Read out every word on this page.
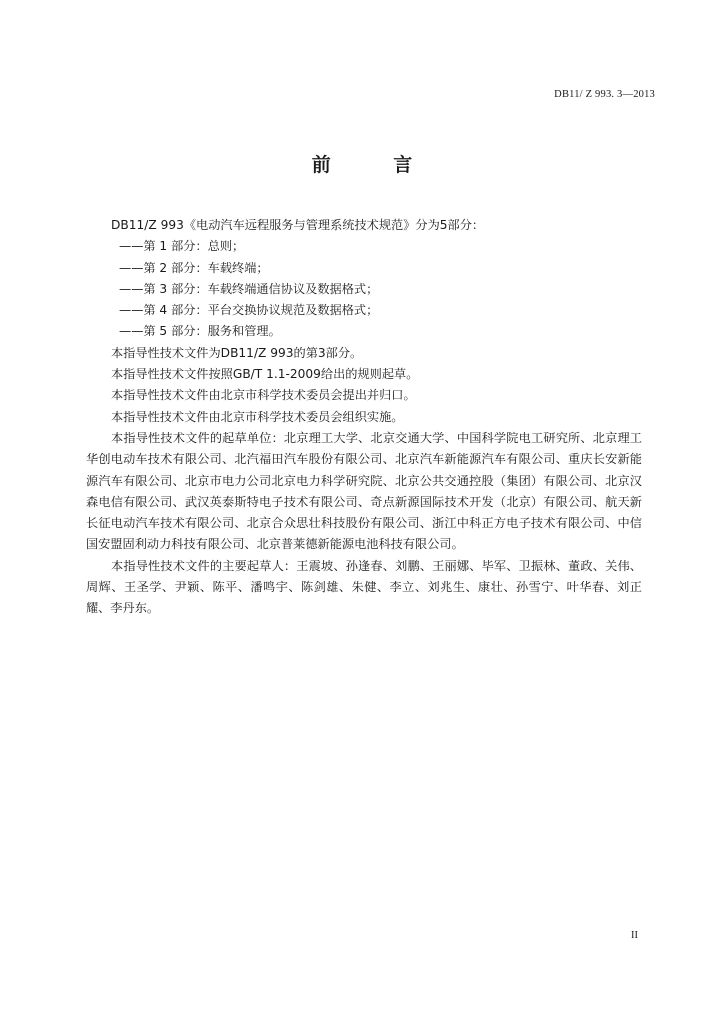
DB11/ Z 993. 3—2013
前 言

DB11/Z 993《电动汽车远程服务与管理系统技术规范》分为5部分：

——第 1 部分：总则；

——第 2 部分：车载终端；

——第 3 部分：车载终端通信协议及数据格式；

——第 4 部分：平台交换协议规范及数据格式；

——第 5 部分：服务和管理。

本指导性技术文件为DB11/Z 993的第3部分。

本指导性技术文件按照GB/T 1.1-2009给出的规则起草。

本指导性技术文件由北京市科学技术委员会提出并归口。

本指导性技术文件由北京市科学技术委员会组织实施。

本指导性技术文件的起草单位：北京理工大学、北京交通大学、中国科学院电工研究所、北京理工华创电动车技术有限公司、北汽福田汽车股份有限公司、北京汽车新能源汽车有限公司、重庆长安新能源汽车有限公司、北京市电力公司北京电力科学研究院、北京公共交通控股（集团）有限公司、北京汉森电信有限公司、武汉英泰斯特电子技术有限公司、奇点新源国际技术开发（北京）有限公司、航天新长征电动汽车技术有限公司、北京合众思壮科技股份有限公司、浙江中科正方电子技术有限公司、中信国安盟固利动力科技有限公司、北京普莱德新能源电池科技有限公司。

本指导性技术文件的主要起草人：王震坡、孙逢春、刘鹏、王丽娜、毕军、卫振林、董政、关伟、周辉、王圣学、尹颖、陈平、潘鸣宇、陈剑雄、朱健、李立、刘兆生、康壮、孙雪宁、叶华春、刘正耀、李丹东。

II
